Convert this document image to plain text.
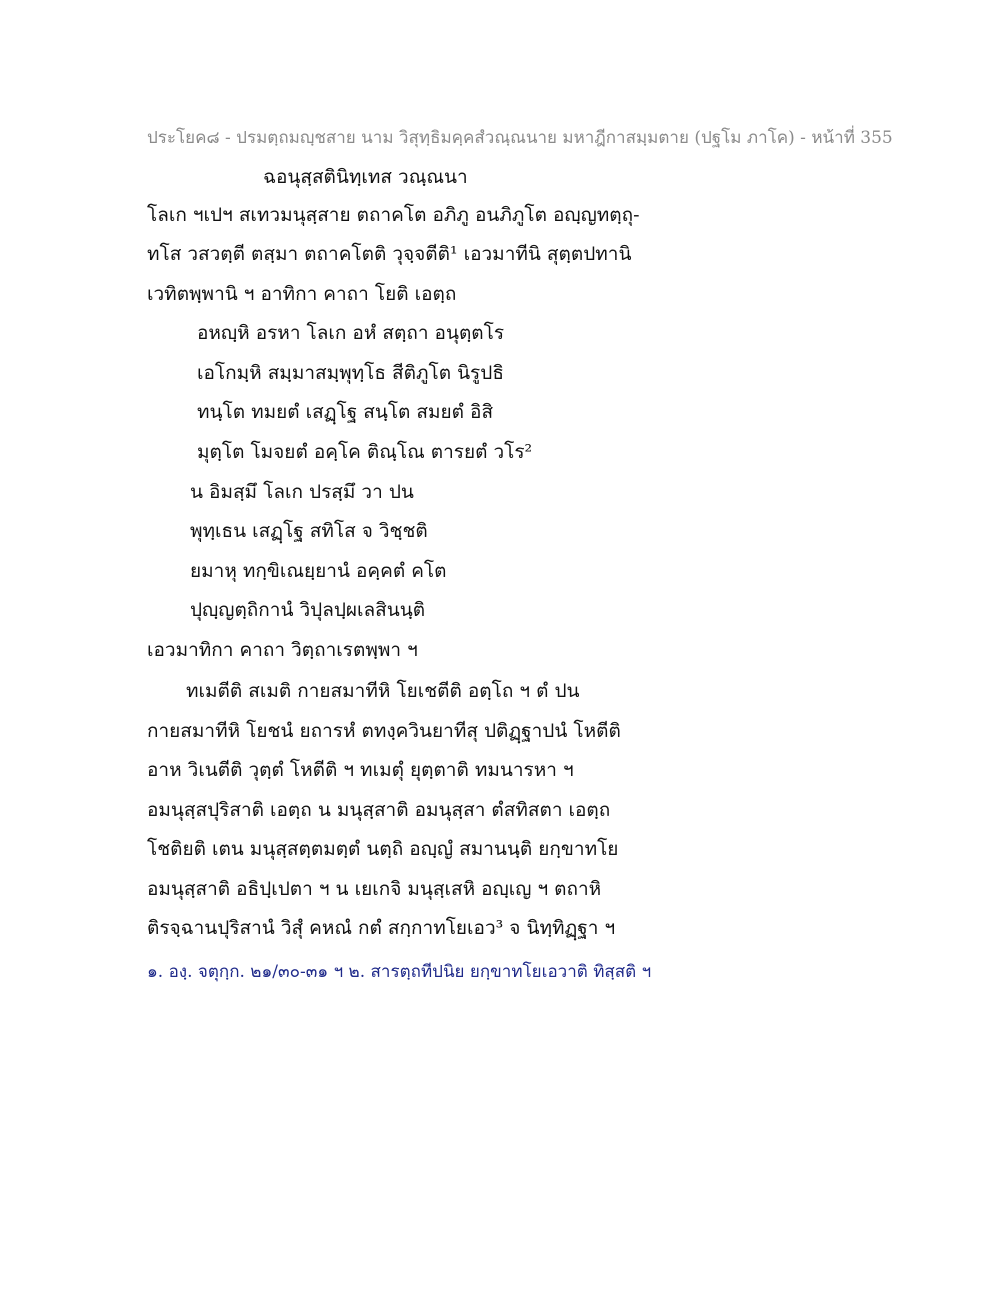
ประโยค๘ - ปรมตฺถมญฺชสาย นาม วิสุทฺธิมคฺคสํวณฺณนาย มหาฎีกาสมฺมตาย (ปฐโม ภาโค) - หน้าที่ 355
ฉอนุสฺสตินิทฺเทส วณฺณนา
โลเก ฯเปฯ สเทวมนุสฺสาย ตถาคโต อภิภู อนภิภูโต อญฺญทตฺถุ-
ทโส วสวตฺตี ตสฺมา ตถาคโตติ วุจฺจตีติ¹ เอวมาทีนิ สุตฺตปทานิ
เวทิตพฺพานิ ฯ อาทิกา คาถา โยติ เอตฺถ
อหญฺหิ อรหา โลเก อหํ สตฺถา อนุตฺตโร
เอโกมฺหิ สมฺมาสมฺพุทฺโธ สีติภูโต นิรูปธิ
ทนฺโต ทมยตํ เสฏฺโฐ สนฺโต สมยตํ อิสิ
มุตฺโต โมจยตํ อคฺโค ติณฺโณ ตารยตํ วโร²
น อิมสฺมึ โลเก ปรสฺมึ วา ปน
พุทฺเธน เสฏฺโฐ สทิโส จ วิชฺชติ
ยมาหุ ทกฺขิเณยฺยานํ อคฺคตํ คโต
ปุญฺญตฺถิกานํ วิปุลปฺผเลสินนฺติ
เอวมาทิกา คาถา วิตฺถาเรตพฺพา ฯ
ทเมตีติ สเมติ กายสมาทีหิ โยเชตีติ อตฺโถ ฯ ตํ ปน
กายสมาทีหิ โยชนํ ยถารหํ ตทงฺควินยาทีสุ ปติฏฺฐาปนํ โหตีติ
อาห วิเนตีติ วุตฺตํ โหตีติ ฯ ทเมตุํ ยุตฺตาติ ทมนารหา ฯ
อมนุสฺสปุริสาติ เอตฺถ น มนุสฺสาติ อมนุสฺสา ตํสทิสตา เอตฺถ
โชติยติ เตน มนุสฺสตฺตมตฺตํ นตฺถิ อญฺญํ สมานนฺติ ยกฺขาทโย
อมนุสฺสาติ อธิปฺเปตา ฯ น เยเกจิ มนุสฺเสหิ อญฺเญ ฯ ตถาหิ
ติรจฺฉานปุริสานํ วิสุํ คหณํ กตํ สกฺกาทโยเอว³ จ นิทฺทิฏฺฐา ฯ
๑. องฺ. จตุกฺก. ๒๑/๓๐-๓๑ ฯ ๒. สารตฺถทีปนิย ยกฺขาทโยเอวาติ ทิสฺสติ ฯ
